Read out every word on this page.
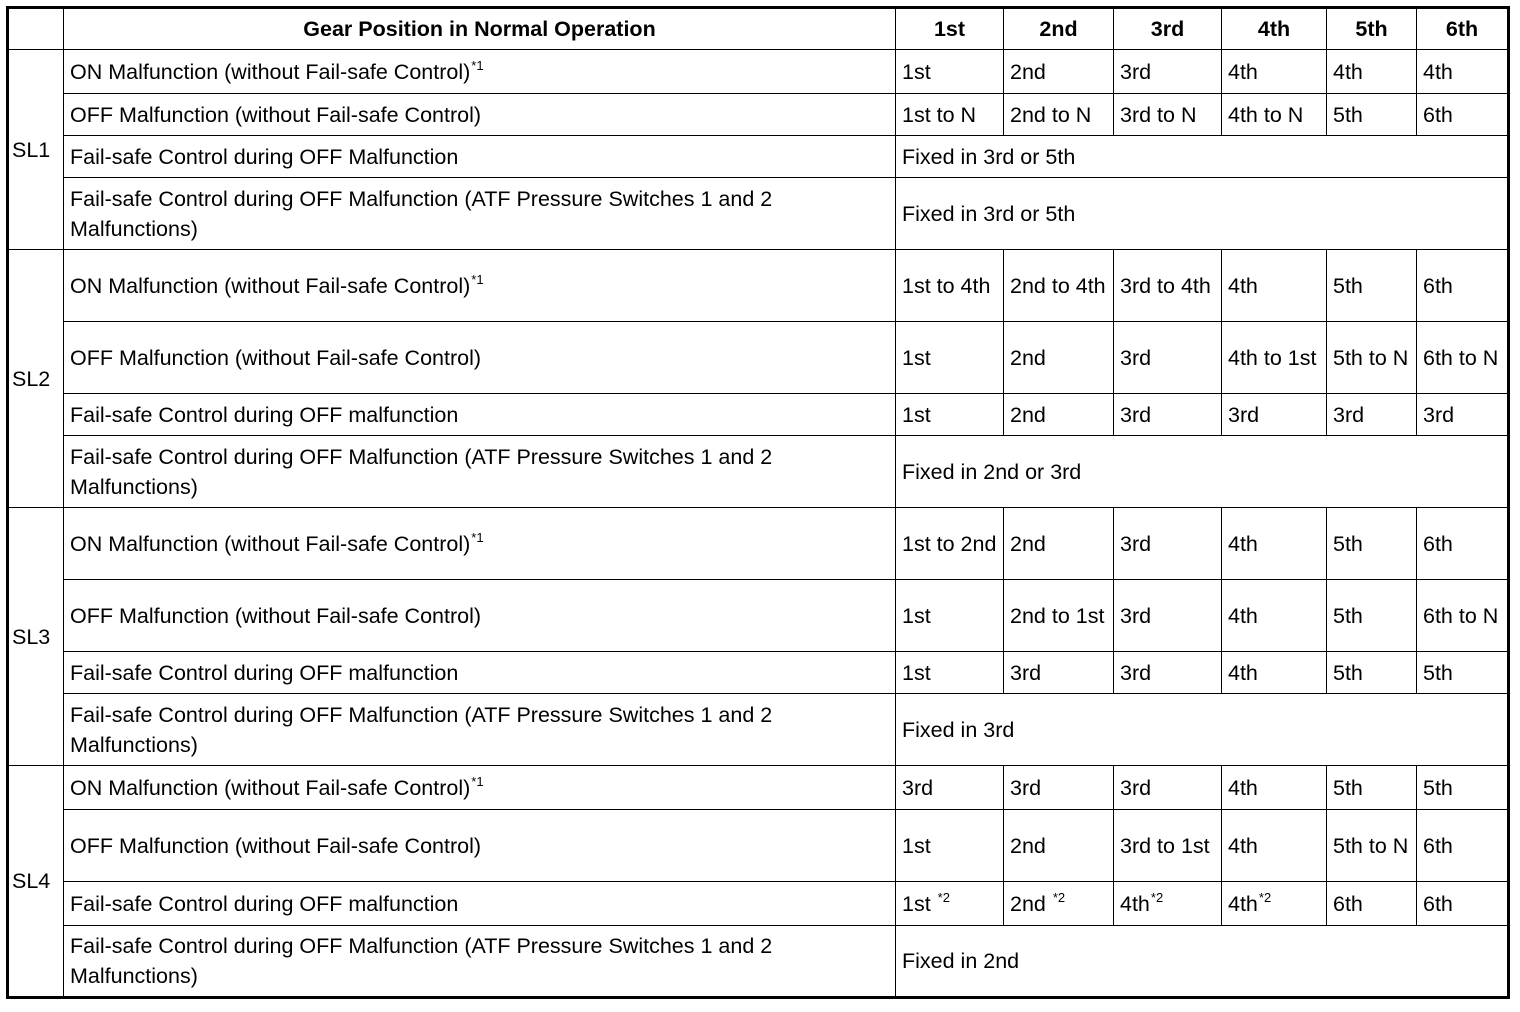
	Gear Position in Normal Operation	1st	2nd	3rd	4th	5th	6th
SL1	ON Malfunction (without Fail-safe Control)$^{*1}$	1st	2nd	3rd	4th	4th	4th
	OFF Malfunction (without Fail-safe Control)	1st to N	2nd to N	3rd to N	4th to N	5th	6th
	Fail-safe Control during OFF Malfunction	Fixed in 3rd or 5th					
	Fail-safe Control during OFF Malfunction (ATF Pressure Switches 1 and 2 Malfunctions)	Fixed in 3rd or 5th					
SL2	ON Malfunction (without Fail-safe Control)$^{*1}$	1st to 4th	2nd to 4th	3rd to 4th	4th	5th	6th
	OFF Malfunction (without Fail-safe Control)	1st	2nd	3rd	4th to 1st	5th to N	6th to N
	Fail-safe Control during OFF malfunction	1st	2nd	3rd	3rd	3rd	3rd
	Fail-safe Control during OFF Malfunction (ATF Pressure Switches 1 and 2 Malfunctions)	Fixed in 2nd or 3rd					
SL3	ON Malfunction (without Fail-safe Control)$^{*1}$	1st to 2nd	2nd	3rd	4th	5th	6th
	OFF Malfunction (without Fail-safe Control)	1st	2nd to 1st	3rd	4th	5th	6th to N
	Fail-safe Control during OFF malfunction	1st	3rd	3rd	4th	5th	5th
	Fail-safe Control during OFF Malfunction (ATF Pressure Switches 1 and 2 Malfunctions)	Fixed in 3rd					
SL4	ON Malfunction (without Fail-safe Control)$^{*1}$	3rd	3rd	3rd	4th	5th	5th
	OFF Malfunction (without Fail-safe Control)	1st	2nd	3rd to 1st	4th	5th to N	6th
	Fail-safe Control during OFF malfunction	1st $^{*2}$	2nd $^{*2}$	$4th^{*2}$	$4th^{*2}$	6th	6th
	Fail-safe Control during OFF Malfunction (ATF Pressure Switches 1 and 2 Malfunctions)	Fixed in 2nd					
